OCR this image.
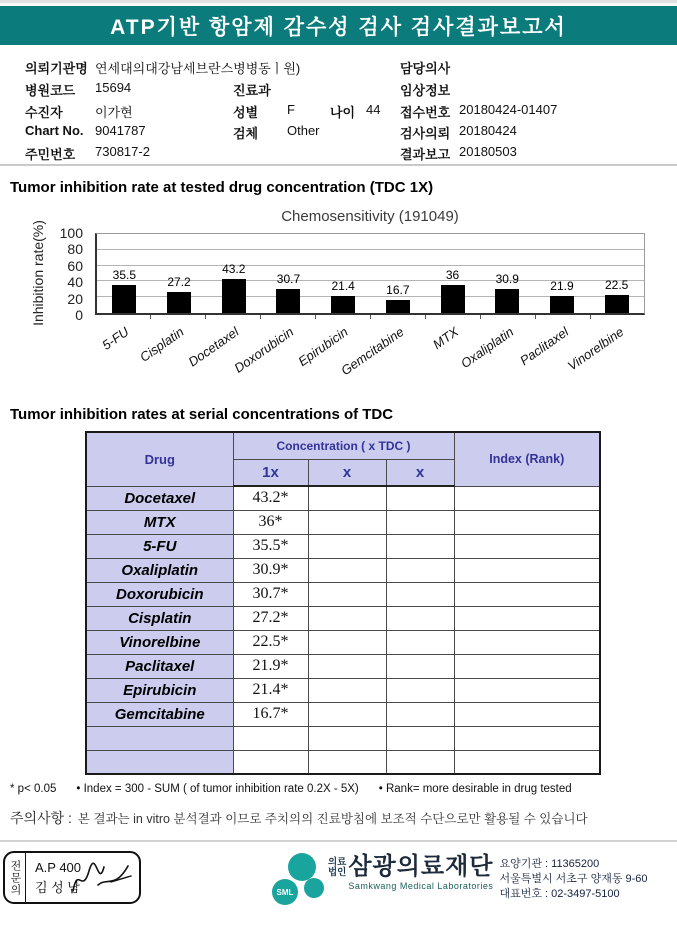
ATP기반 항암제 감수성 검사 검사결과보고서
의뢰기관명 연세대의대강남세브란스병병동ㅣ원)
병원코드 15694
수진자 이가현
Chart No. 9041787
주민번호 730817-2
진료과
성별 F	나이 44
검체 Other
담당의사
임상정보
접수번호 20180424-01407
검사의뢰 20180424
결과보고 20180503
Tumor inhibition rate at tested drug concentration (TDC 1X)
Chemosensitivity (191049)
Inhibition rate(%) 0
20
40
60
80
100
35.5	27.2
43.2
30.7
21.4	16.7
36	30.9
21.9	22.5
5-FU Cisplatin Docetaxel
Doxorubicin Epirubicin
Gemcitabine MTX
Oxaliplatin Paclitaxel
Vinorelbine
Tumor inhibition rates at serial concentrations of TDC
Drug	Concentration ( x TDC )			Index (Rank)
	1x	x	x	
Docetaxel	43.2*			
MTX	36*			
5-FU	35.5*			
Oxaliplatin	30.9*			
Doxorubicin	30.7*			
Cisplatin	27.2*			
Vinorelbine	22.5*			
Paclitaxel	21.9*			
Epirubicin	21.4*			
Gemcitabine	16.7*			

* p< 0.05 • Index = 300 - SUM ( of tumor inhibition rate 0.2X - 5X) • Rank= more desirable in drug tested
주의사항 : 본 결과는 in vitro 분석결과 이므로 주치의의 진료방침에 보조적 수단으로만 활용될 수 있습니다
전문의	A.P 400
김 성 남	SML
의료
법인 삼광의료재단
Samkwang Medical Laboratories
요양기관 : 11365200
서울특별시 서초구 양재동 9-60
대표번호 : 02-3497-5100
